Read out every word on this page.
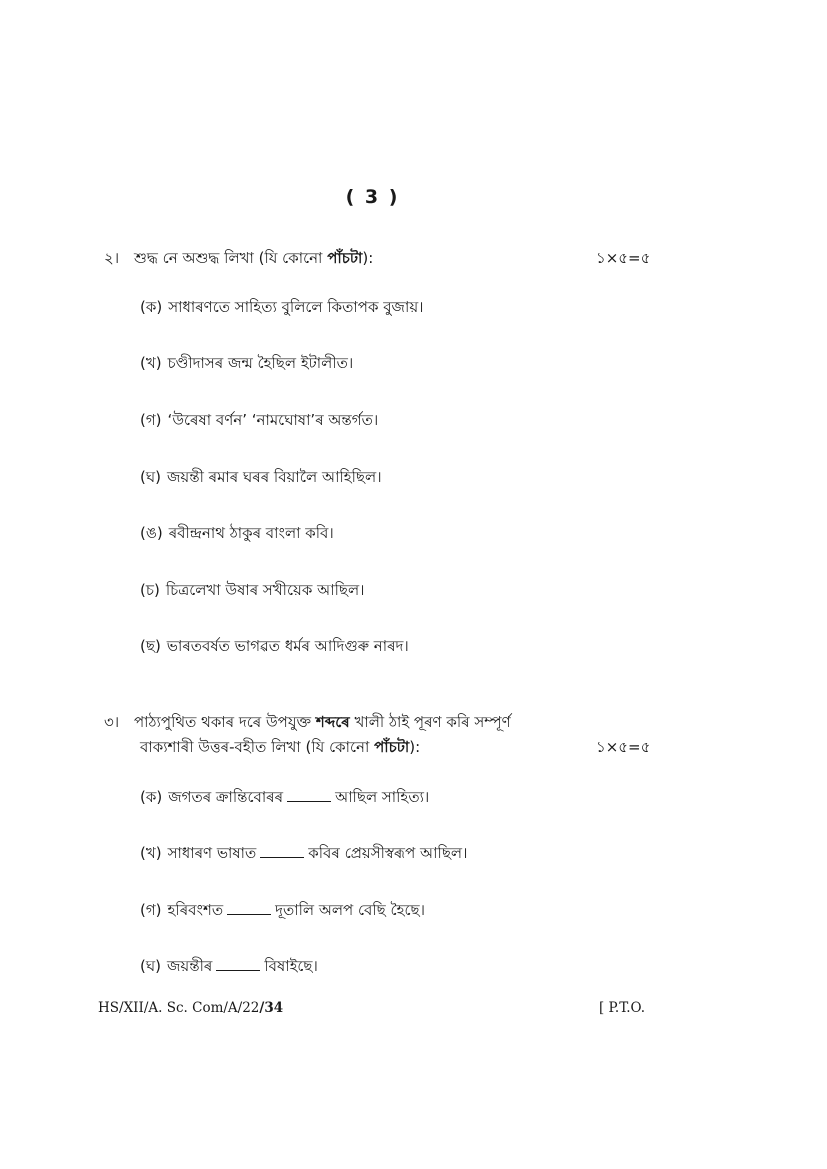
( 3 )
২। শুদ্ধ নে অশুদ্ধ লিখা (যি কোনো পাঁচটা):	১×৫=৫
(ক) সাধাৰণতে সাহিত্য বুলিলে কিতাপক বুজায়।
(খ) চণ্ডীদাসৰ জন্ম হৈছিল ইটালীত।
(গ) ‘উৰেষা বৰ্ণন’ ‘নামঘোষা’ৰ অন্তৰ্গত।
(ঘ) জয়ন্তী ৰমাৰ ঘৰৰ বিয়ালৈ আহিছিল।
(ঙ) ৰবীন্দ্ৰনাথ ঠাকুৰ বাংলা কবি।
(চ) চিত্ৰলেখা উষাৰ সখীয়েক আছিল।
(ছ) ভাৰতবৰ্ষত ভাগৱত ধৰ্মৰ আদিগুৰু নাৰদ।
৩। পাঠ্যপুথিত থকাৰ দৰে উপযুক্ত শব্দৰে খালী ঠাই পূৰণ কৰি সম্পূৰ্ণ
বাক্যশাৰী উত্তৰ-বহীত লিখা (যি কোনো পাঁচটা):	১×৫=৫
(ক) জগতৰ ক্ৰান্তিবোৰৰ	আছিল সাহিত্য।
(খ) সাধাৰণ ভাষাত	কবিৰ প্ৰেয়সীস্বৰূপ আছিল।
(গ) হৰিবংশত	দূতালি অলপ বেছি হৈছে।
(ঘ) জয়ন্তীৰ	বিষাইছে।
HS/XII/A. Sc. Com/A/22/34	[ P.T.O.
